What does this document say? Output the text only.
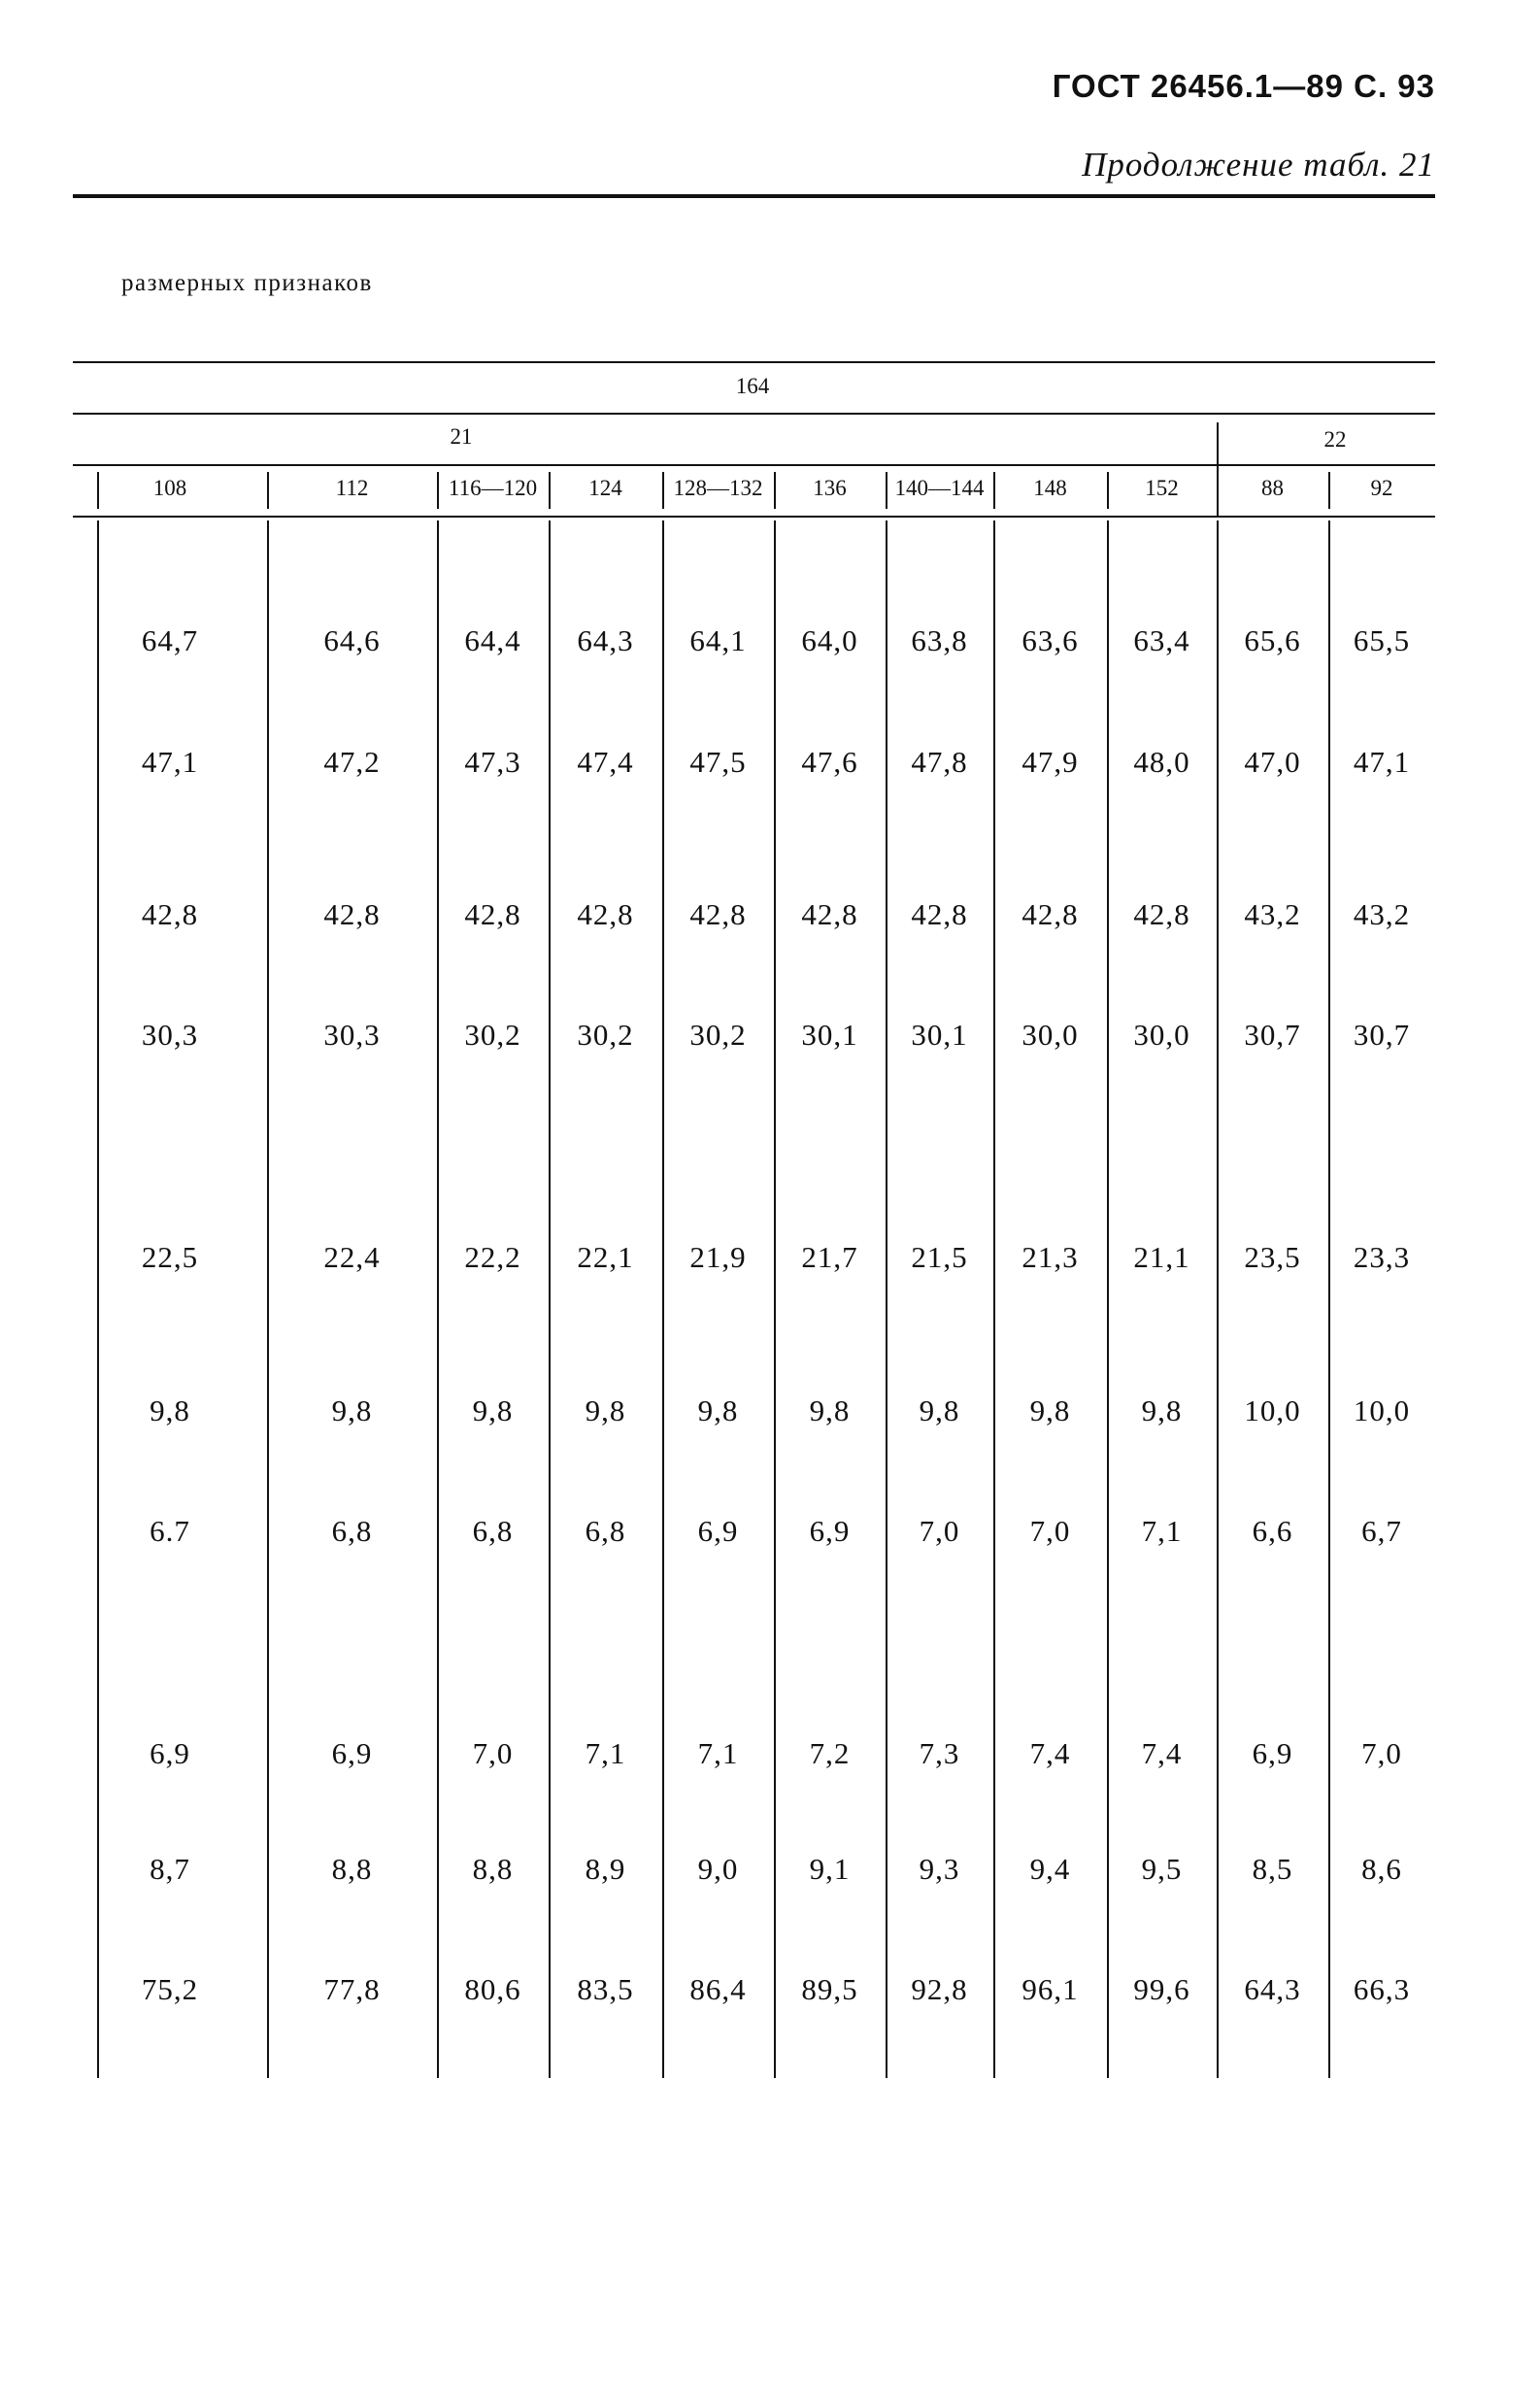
ГОСТ 26456.1—89 С. 93
Продолжение табл. 21
размерных признаков
164
21	22
108	112	116—120	124	128—132	136	140—144	148	152	88	92
64,7	64,6	64,4	64,3	64,1	64,0	63,8	63,6	63,4	65,6	65,5
47,1	47,2	47,3	47,4	47,5	47,6	47,8	47,9	48,0	47,0	47,1
42,8	42,8	42,8	42,8	42,8	42,8	42,8	42,8	42,8	43,2	43,2
30,3	30,3	30,2	30,2	30,2	30,1	30,1	30,0	30,0	30,7	30,7
22,5	22,4	22,2	22,1	21,9	21,7	21,5	21,3	21,1	23,5	23,3
9,8	9,8	9,8	9,8	9,8	9,8	9,8	9,8	9,8	10,0	10,0
6.7	6,8	6,8	6,8	6,9	6,9	7,0	7,0	7,1	6,6	6,7
6,9	6,9	7,0	7,1	7,1	7,2	7,3	7,4	7,4	6,9	7,0
8,7	8,8	8,8	8,9	9,0	9,1	9,3	9,4	9,5	8,5	8,6
75,2	77,8	80,6	83,5	86,4	89,5	92,8	96,1	99,6	64,3	66,3
